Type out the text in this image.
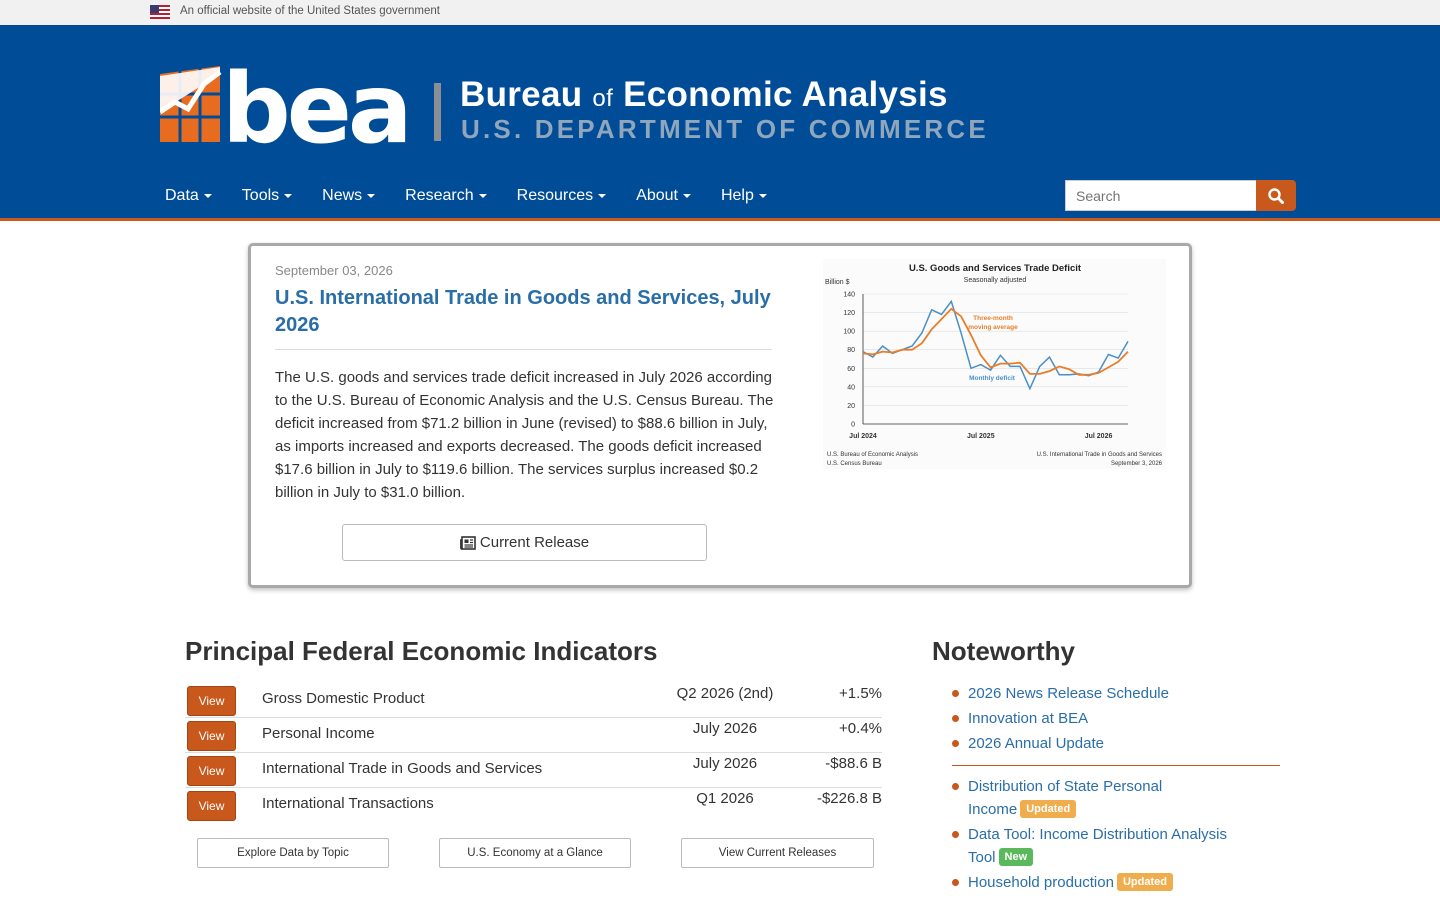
An official website of the United States government
bea Bureau of Economic Analysis
U.S. DEPARTMENT OF COMMERCE
Data	Tools	News	Research	Resources	About	Help
Search
September 03, 2026
U.S. International Trade in Goods and Services, July 2026
The U.S. goods and services trade deficit increased in July 2026 according to the U.S. Bureau of Economic Analysis and the U.S. Census Bureau. The deficit increased from $71.2 billion in June (revised) to $88.6 billion in July, as imports increased and exports decreased. The goods deficit increased $17.6 billion in July to $119.6 billion. The services surplus increased $0.2 billion in July to $31.0 billion.
Current Release
U.S. Goods and Services Trade Deficit
Seasonally adjusted
Billion $
0
20
40
60
80
100
120
140
Jul 2024	Jul 2025	Jul 2026
Three-month
moving average
Monthly deficit
U.S. Bureau of Economic Analysis
U.S. Census Bureau
U.S. International Trade in Goods and Services
September 3, 2026
Principal Federal Economic Indicators
View	Gross Domestic Product	Q2 2026 (2nd)	+1.5%
View	Personal Income	July 2026	+0.4%
View	International Trade in Goods and Services	July 2026	-$88.6 B
View	International Transactions	Q1 2026	-$226.8 B
Explore Data by Topic	U.S. Economy at a Glance	View Current Releases
Noteworthy
2026 News Release Schedule
Innovation at BEA
2026 Annual Update
Distribution of State Personal Income Updated
Data Tool: Income Distribution Analysis Tool New
Household production Updated
